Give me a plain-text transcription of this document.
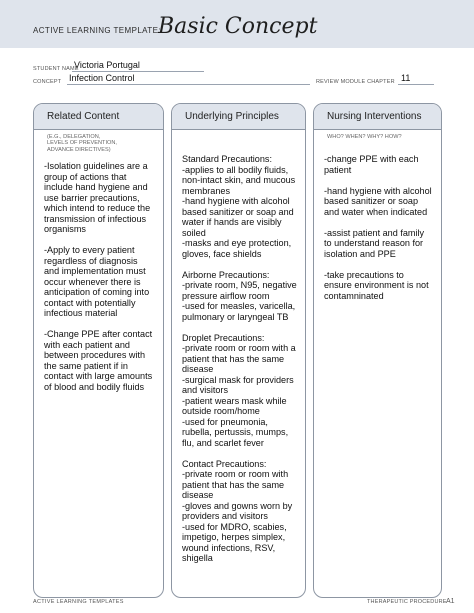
ACTIVE LEARNING TEMPLATE:
Basic Concept
STUDENT NAME
Victoria Portugal
CONCEPT Infection Control	REVIEW MODULE CHAPTER 11
Related Content
(E.G., DELEGATION,
LEVELS OF PREVENTION,
ADVANCE DIRECTIVES)
-Isolation guidelines are a
group of actions that
include hand hygiene and
use barrier precautions,
which intend to reduce the
transmission of infectious
organisms
-Apply to every patient
regardless of diagnosis
and implementation must
occur whenever there is
anticipation of coming into
contact with potentially
infectious material
-Change PPE after contact
with each patient and
between procedures with
the same patient if in
contact with large amounts
of blood and bodily fluids
Underlying Principles
Standard Precautions:
-applies to all bodily fluids,
non-intact skin, and mucous
membranes
-hand hygiene with alcohol
based sanitizer or soap and
water if hands are visibly
soiled
-masks and eye protection,
gloves, face shields
Airborne Precautions:
-private room, N95, negative
pressure airflow room
-used for measles, varicella,
pulmonary or laryngeal TB
Droplet Precautions:
-private room or room with a
patient that has the same
disease
-surgical mask for providers
and visitors
-patient wears mask while
outside room/home
-used for pneumonia,
rubella, pertussis, mumps,
flu, and scarlet fever
Contact Precautions:
-private room or room with
patient that has the same
disease
-gloves and gowns worn by
providers and visitors
-used for MDRO, scabies,
impetigo, herpes simplex,
wound infections, RSV,
shigella
Nursing Interventions
WHO? WHEN? WHY? HOW?
-change PPE with each
patient
-hand hygiene with alcohol
based sanitizer or soap
and water when indicated
-assist patient and family
to understand reason for
isolation and PPE
-take precautions to
ensure environment is not
contamninated
ACTIVE LEARNING TEMPLATES	THERAPEUTIC PROCEDURE A1
